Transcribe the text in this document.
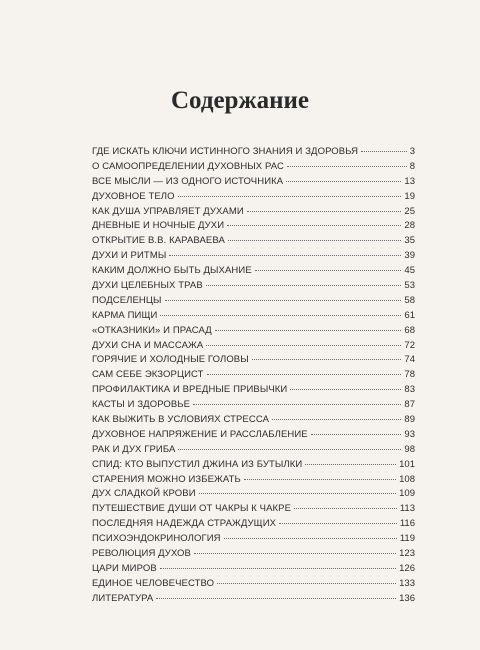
Содержание
ГДЕ ИСКАТЬ КЛЮЧИ ИСТИННОГО ЗНАНИЯ И ЗДОРОВЬЯ	3
О САМООПРЕДЕЛЕНИИ ДУХОВНЫХ РАС	8
ВСЕ МЫСЛИ — ИЗ ОДНОГО ИСТОЧНИКА	13
ДУХОВНОЕ ТЕЛО	19
КАК ДУША УПРАВЛЯЕТ ДУХАМИ	25
ДНЕВНЫЕ И НОЧНЫЕ ДУХИ	28
ОТКРЫТИЕ В.В. КАРАВАЕВА	35
ДУХИ И РИТМЫ	39
КАКИМ ДОЛЖНО БЫТЬ ДЫХАНИЕ	45
ДУХИ ЦЕЛЕБНЫХ ТРАВ	53
ПОДСЕЛЕНЦЫ	58
КАРМА ПИЩИ	61
«ОТКАЗНИКИ» И ПРАСАД	68
ДУХИ СНА И МАССАЖА	72
ГОРЯЧИЕ И ХОЛОДНЫЕ ГОЛОВЫ	74
САМ СЕБЕ ЭКЗОРЦИСТ	78
ПРОФИЛАКТИКА И ВРЕДНЫЕ ПРИВЫЧКИ	83
КАСТЫ И ЗДОРОВЬЕ	87
КАК ВЫЖИТЬ В УСЛОВИЯХ СТРЕССА	89
ДУХОВНОЕ НАПРЯЖЕНИЕ И РАССЛАБЛЕНИЕ	93
РАК И ДУХ ГРИБА	98
СПИД: КТО ВЫПУСТИЛ ДЖИНА ИЗ БУТЫЛКИ	101
СТАРЕНИЯ МОЖНО ИЗБЕЖАТЬ	108
ДУХ СЛАДКОЙ КРОВИ	109
ПУТЕШЕСТВИЕ ДУШИ ОТ ЧАКРЫ К ЧАКРЕ	113
ПОСЛЕДНЯЯ НАДЕЖДА СТРАЖДУЩИХ	116
ПСИХОЭНДОКРИНОЛОГИЯ	119
РЕВОЛЮЦИЯ ДУХОВ	123
ЦАРИ МИРОВ	126
ЕДИНОЕ ЧЕЛОВЕЧЕСТВО	133
ЛИТЕРАТУРА	136
